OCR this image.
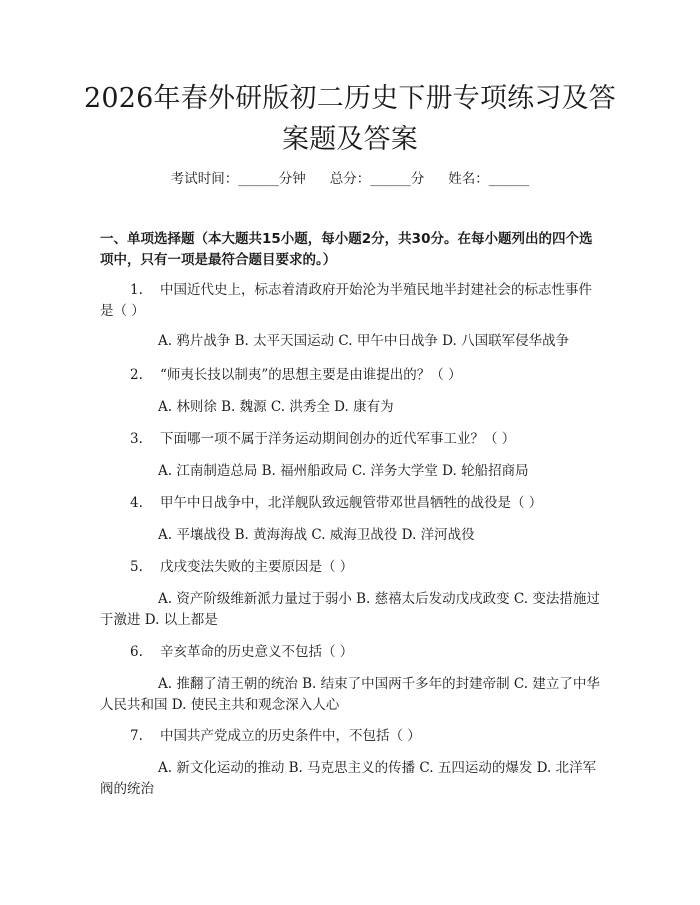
2026年春外研版初二历史下册专项练习及答案题及答案
考试时间：______分钟 总分：______分 姓名：______
一、单项选择题（本大题共15小题，每小题2分，共30分。在每小题列出的四个选项中，只有一项是最符合题目要求的。）
1. 中国近代史上，标志着清政府开始沦为半殖民地半封建社会的标志性事件是（ ）
A. 鸦片战争 B. 太平天国运动 C. 甲午中日战争 D. 八国联军侵华战争
2. “师夷长技以制夷”的思想主要是由谁提出的？（ ）
A. 林则徐 B. 魏源 C. 洪秀全 D. 康有为
3. 下面哪一项不属于洋务运动期间创办的近代军事工业？（ ）
A. 江南制造总局 B. 福州船政局 C. 洋务大学堂 D. 轮船招商局
4. 甲午中日战争中，北洋舰队致远舰管带邓世昌牺牲的战役是（ ）
A. 平壤战役 B. 黄海海战 C. 威海卫战役 D. 洋河战役
5. 戊戌变法失败的主要原因是（ ）
A. 资产阶级维新派力量过于弱小 B. 慈禧太后发动戊戌政变 C. 变法措施过于激进 D. 以上都是
6. 辛亥革命的历史意义不包括（ ）
A. 推翻了清王朝的统治 B. 结束了中国两千多年的封建帝制 C. 建立了中华人民共和国 D. 使民主共和观念深入人心
7. 中国共产党成立的历史条件中，不包括（ ）
A. 新文化运动的推动 B. 马克思主义的传播 C. 五四运动的爆发 D. 北洋军阀的统治
